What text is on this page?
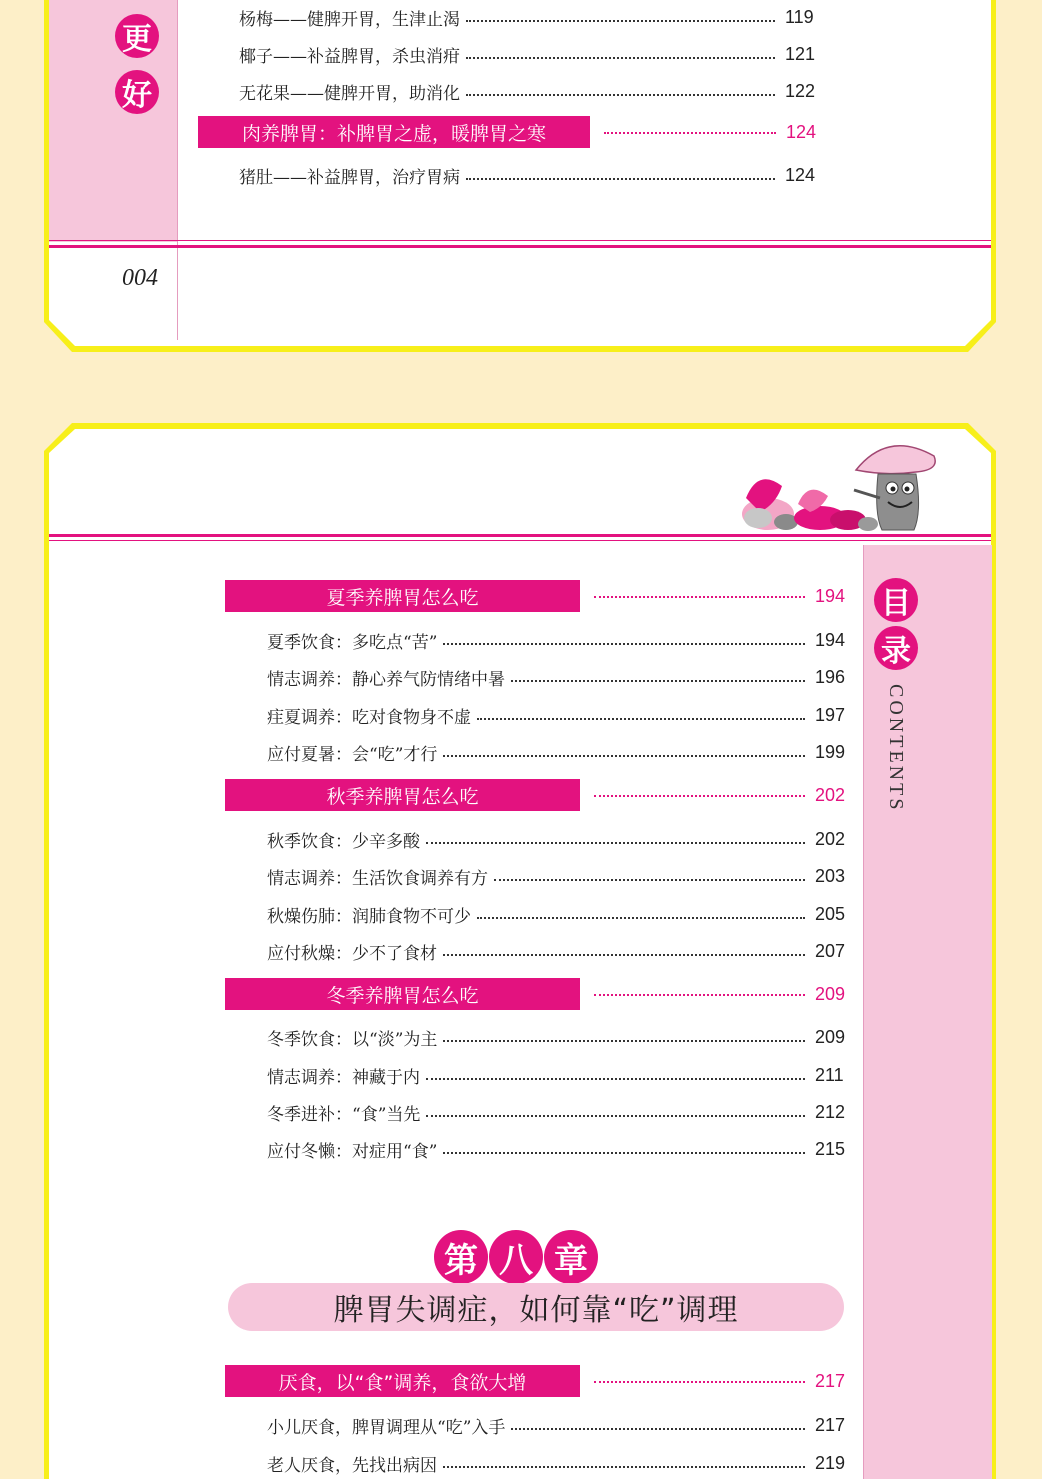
更
好
杨梅——健脾开胃，生津止渴	119
椰子——补益脾胃，杀虫消疳	121
无花果——健脾开胃，助消化	122
肉养脾胃：补脾胃之虚，暖脾胃之寒	124
猪肚——补益脾胃，治疗胃病	124
004
目
录
CONTENTS
夏季养脾胃怎么吃	194
夏季饮食：多吃点“苦”	194
情志调养：静心养气防情绪中暑	196
疰夏调养：吃对食物身不虚	197
应付夏暑：会“吃”才行	199
秋季养脾胃怎么吃	202
秋季饮食：少辛多酸	202
情志调养：生活饮食调养有方	203
秋燥伤肺：润肺食物不可少	205
应付秋燥：少不了食材	207
冬季养脾胃怎么吃	209
冬季饮食：以“淡”为主	209
情志调养：神藏于内	211
冬季进补：“食”当先	212
应付冬懒：对症用“食”	215
第 八 章
脾胃失调症，如何靠“吃”调理
厌食，以“食”调养，食欲大增	217
小儿厌食，脾胃调理从“吃”入手	217
老人厌食，先找出病因	219
